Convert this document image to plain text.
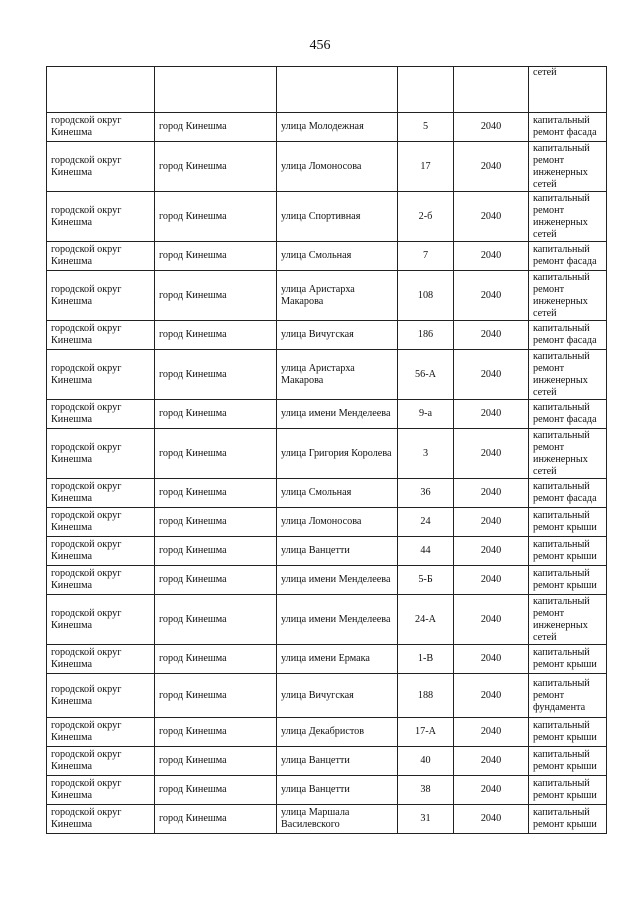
456
					сетей
городской округ Кинешма	город Кинешма	улица Молодежная	5	2040	капитальный ремонт фасада
городской округ Кинешма	город Кинешма	улица Ломоносова	17	2040	капитальный ремонт инженерных сетей
городской округ Кинешма	город Кинешма	улица Спортивная	2-б	2040	капитальный ремонт инженерных сетей
городской округ Кинешма	город Кинешма	улица Смольная	7	2040	капитальный ремонт фасада
городской округ Кинешма	город Кинешма	улица Аристарха Макарова	108	2040	капитальный ремонт инженерных сетей
городской округ Кинешма	город Кинешма	улица Вичугская	186	2040	капитальный ремонт фасада
городской округ Кинешма	город Кинешма	улица Аристарха Макарова	56-А	2040	капитальный ремонт инженерных сетей
городской округ Кинешма	город Кинешма	улица имени Менделеева	9-а	2040	капитальный ремонт фасада
городской округ Кинешма	город Кинешма	улица Григория Королева	3	2040	капитальный ремонт инженерных сетей
городской округ Кинешма	город Кинешма	улица Смольная	36	2040	капитальный ремонт фасада
городской округ Кинешма	город Кинешма	улица Ломоносова	24	2040	капитальный ремонт крыши
городской округ Кинешма	город Кинешма	улица Ванцетти	44	2040	капитальный ремонт крыши
городской округ Кинешма	город Кинешма	улица имени Менделеева	5-Б	2040	капитальный ремонт крыши
городской округ Кинешма	город Кинешма	улица имени Менделеева	24-А	2040	капитальный ремонт инженерных сетей
городской округ Кинешма	город Кинешма	улица имени Ермака	1-В	2040	капитальный ремонт крыши
городской округ Кинешма	город Кинешма	улица Вичугская	188	2040	капитальный ремонт фундамента
городской округ Кинешма	город Кинешма	улица Декабристов	17-А	2040	капитальный ремонт крыши
городской округ Кинешма	город Кинешма	улица Ванцетти	40	2040	капитальный ремонт крыши
городской округ Кинешма	город Кинешма	улица Ванцетти	38	2040	капитальный ремонт крыши
городской округ Кинешма	город Кинешма	улица Маршала Василевского	31	2040	капитальный ремонт крыши
